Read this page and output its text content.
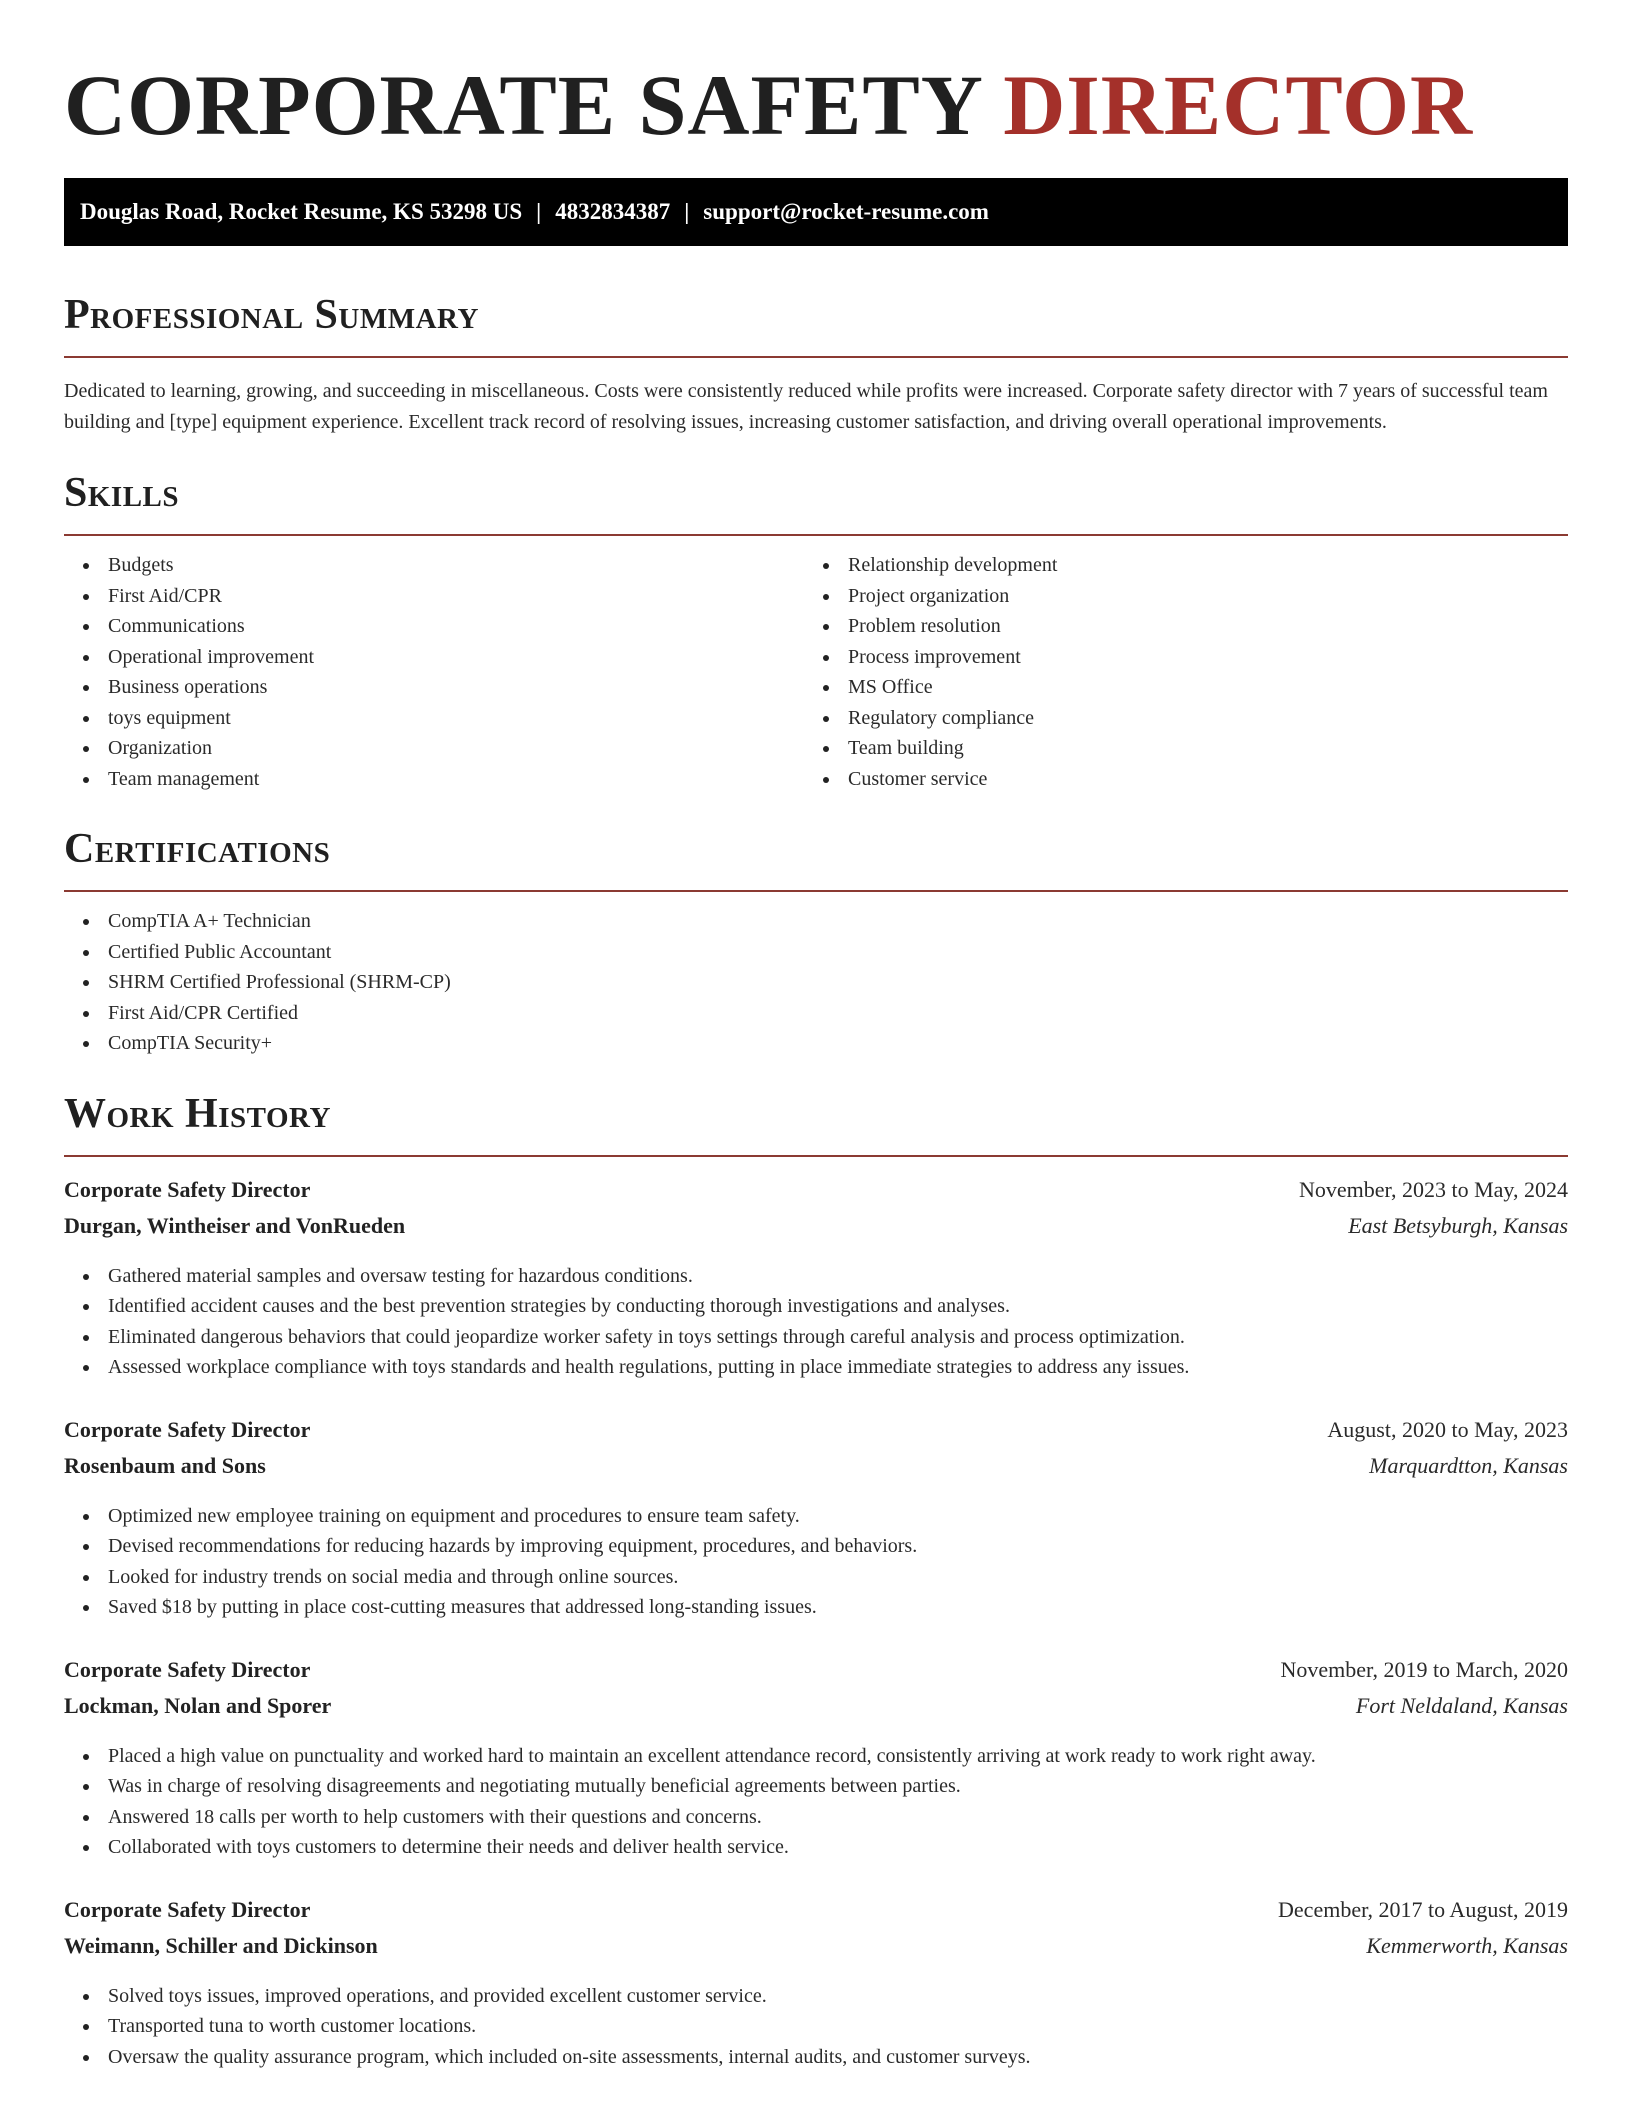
CORPORATE SAFETY DIRECTOR
Douglas Road, Rocket Resume, KS 53298 US | 4832834387 | support@rocket-resume.com
Professional Summary

Dedicated to learning, growing, and succeeding in miscellaneous. Costs were consistently reduced while profits were increased. Corporate safety director with 7 years of successful team building and [type] equipment experience. Excellent track record of resolving issues, increasing customer satisfaction, and driving overall operational improvements.

Skills
Budgets
First Aid/CPR
Communications
Operational improvement
Business operations
toys equipment
Organization
Team management
Relationship development
Project organization
Problem resolution
Process improvement
MS Office
Regulatory compliance
Team building
Customer service
Certifications
CompTIA A+ Technician
Certified Public Accountant
SHRM Certified Professional (SHRM-CP)
First Aid/CPR Certified
CompTIA Security+
Work History
Corporate Safety Director	November, 2023 to May, 2024
Durgan, Wintheiser and VonRueden	East Betsyburgh, Kansas
Gathered material samples and oversaw testing for hazardous conditions.
Identified accident causes and the best prevention strategies by conducting thorough investigations and analyses.
Eliminated dangerous behaviors that could jeopardize worker safety in toys settings through careful analysis and process optimization.
Assessed workplace compliance with toys standards and health regulations, putting in place immediate strategies to address any issues.
Corporate Safety Director	August, 2020 to May, 2023
Rosenbaum and Sons	Marquardtton, Kansas
Optimized new employee training on equipment and procedures to ensure team safety.
Devised recommendations for reducing hazards by improving equipment, procedures, and behaviors.
Looked for industry trends on social media and through online sources.
Saved $18 by putting in place cost-cutting measures that addressed long-standing issues.
Corporate Safety Director	November, 2019 to March, 2020
Lockman, Nolan and Sporer	Fort Neldaland, Kansas
Placed a high value on punctuality and worked hard to maintain an excellent attendance record, consistently arriving at work ready to work right away.
Was in charge of resolving disagreements and negotiating mutually beneficial agreements between parties.
Answered 18 calls per worth to help customers with their questions and concerns.
Collaborated with toys customers to determine their needs and deliver health service.
Corporate Safety Director	December, 2017 to August, 2019
Weimann, Schiller and Dickinson	Kemmerworth, Kansas
Solved toys issues, improved operations, and provided excellent customer service.
Transported tuna to worth customer locations.
Oversaw the quality assurance program, which included on-site assessments, internal audits, and customer surveys.
